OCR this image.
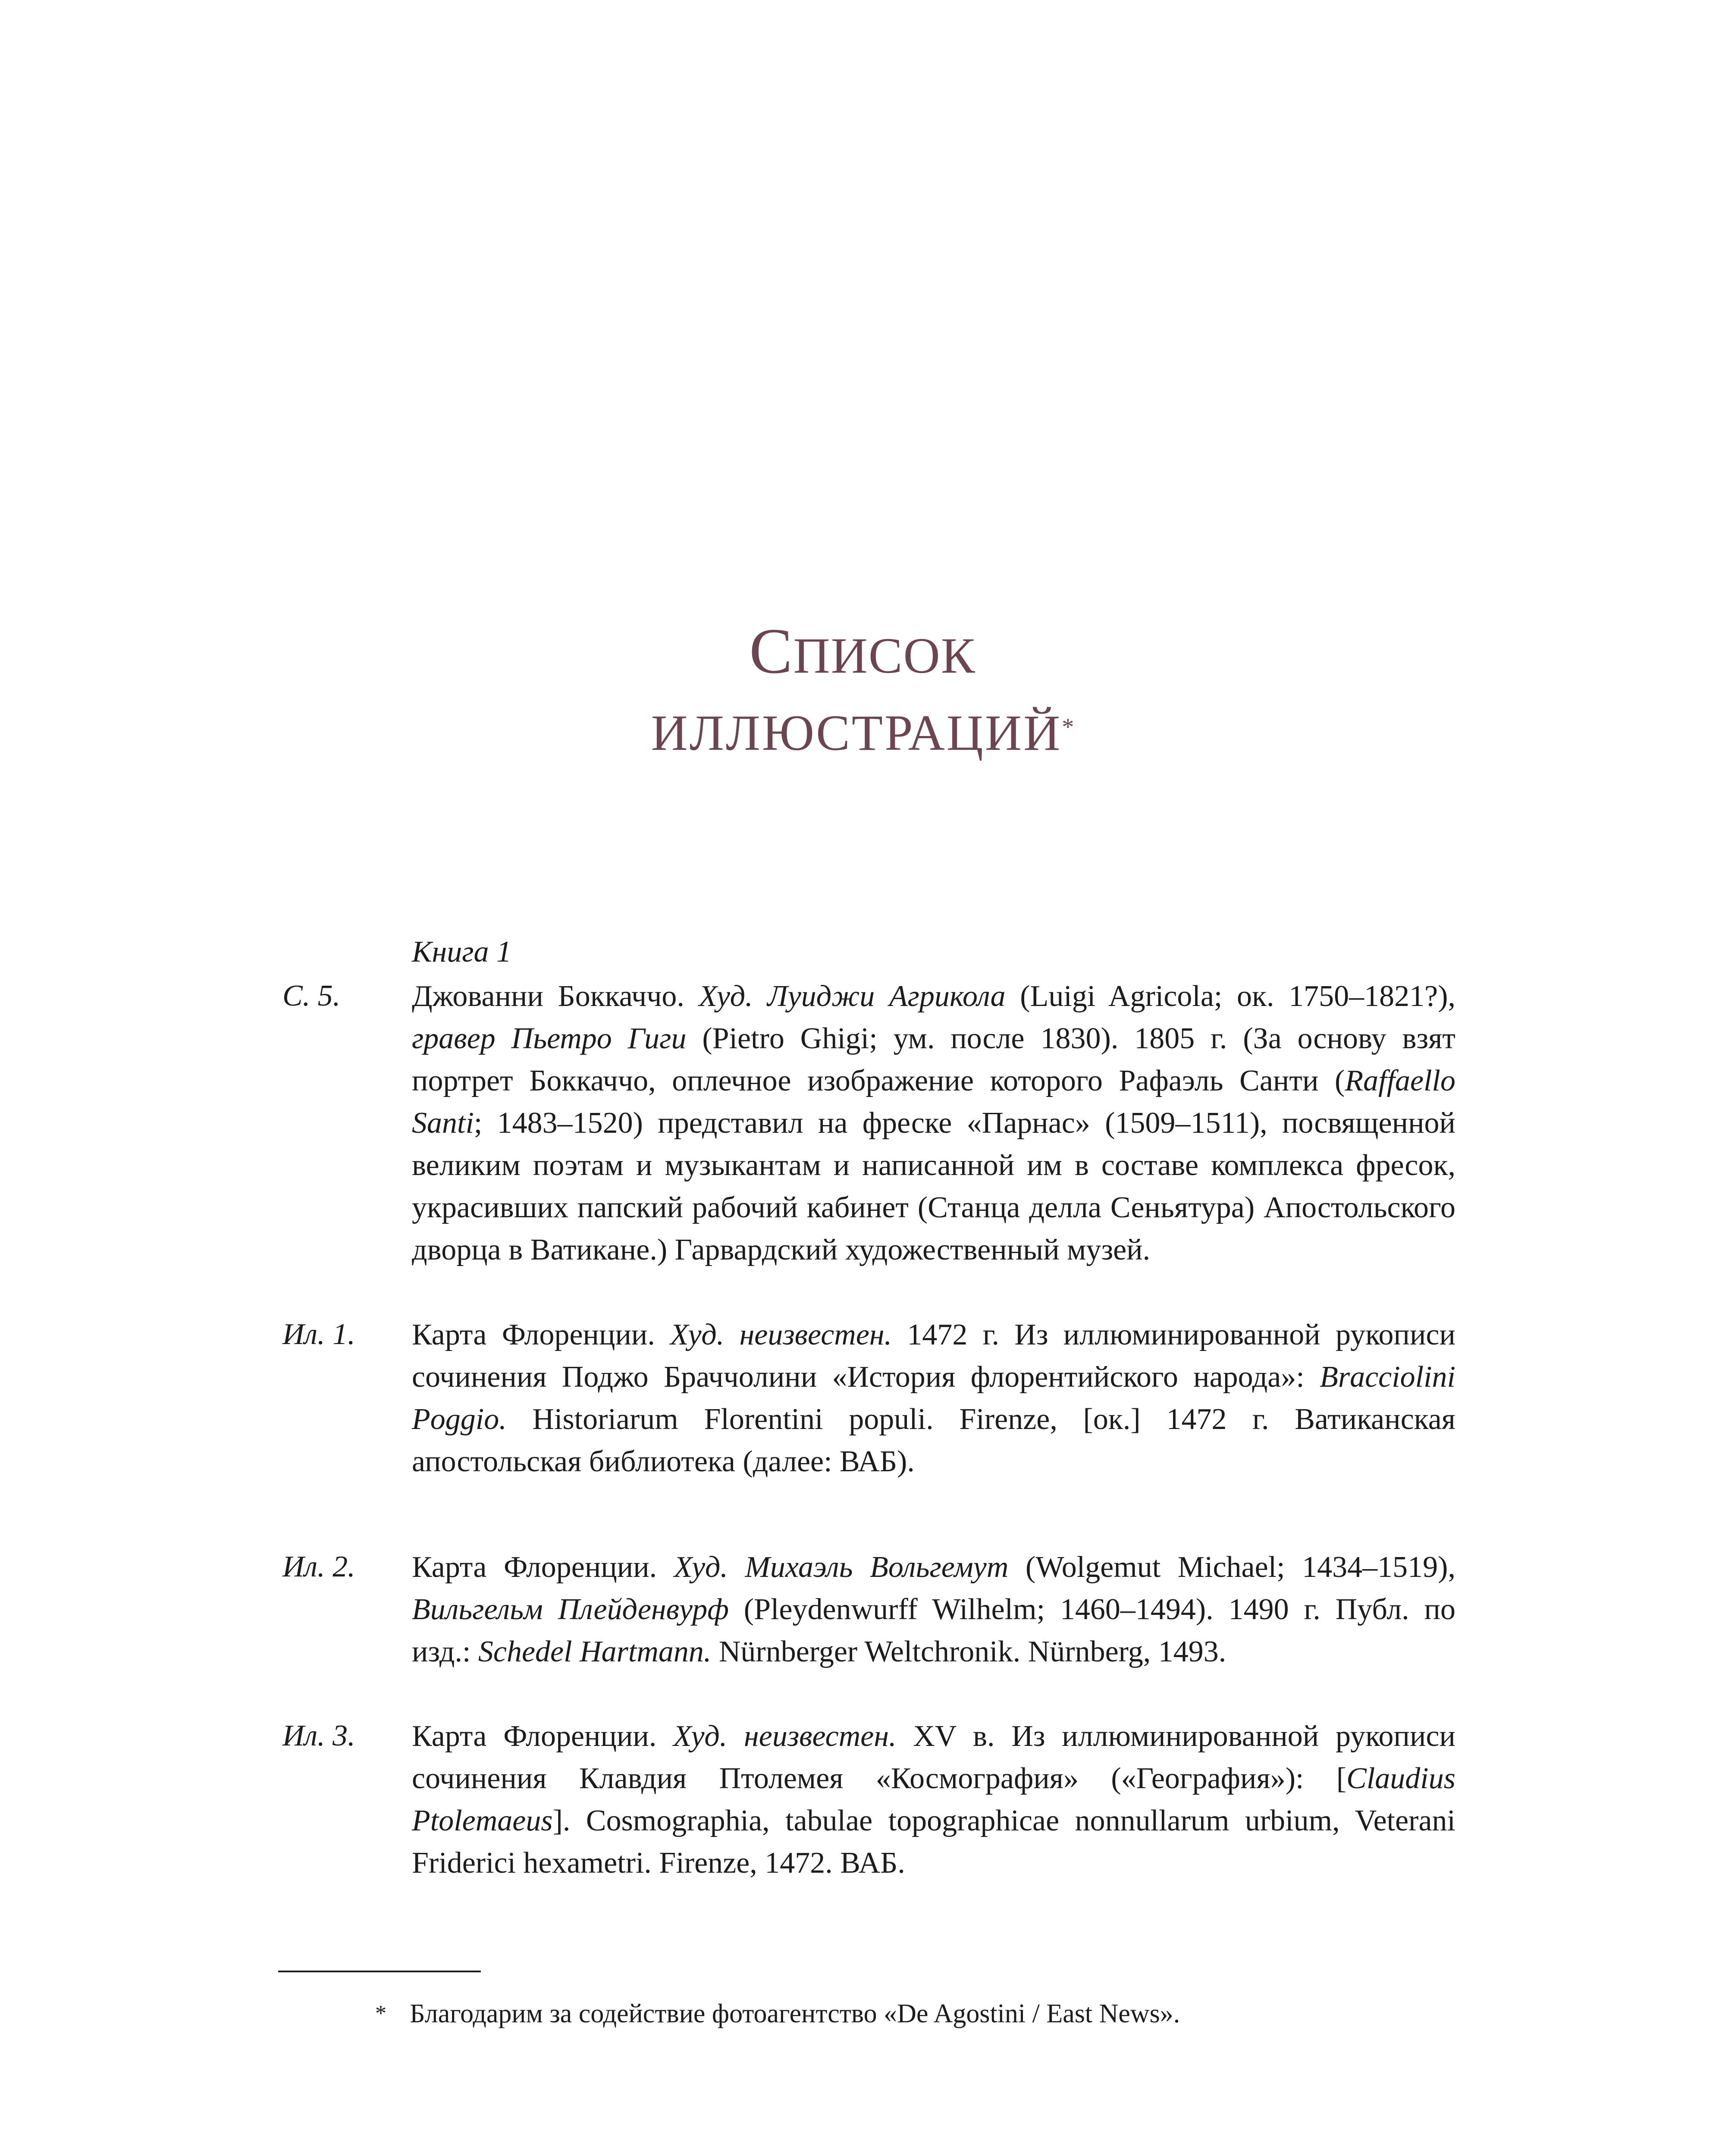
СПИСОК
ИЛЛЮСТРАЦИЙ*
Книга 1
С. 5. Джованни Боккаччо. Худ. Луиджи Агрикола (Luigi Agricola; ок. 1750–1821?), гравер Пьетро Гиги (Pietro Ghigi; ум. после 1830). 1805 г. (За основу взят портрет Боккаччо, оплечное изображение которого Рафаэль Санти (Raffaello Santi; 1483–1520) представил на фреске «Парнас» (1509–1511), посвященной великим поэтам и музыкантам и написанной им в составе комплекса фресок, украсивших папский рабочий кабинет (Станца делла Сеньятура) Апостольского дворца в Ватикане.) Гарвардский художественный музей.
Ил. 1. Карта Флоренции. Худ. неизвестен. 1472 г. Из иллюминированной рукописи сочинения Поджо Браччолини «История флорентийского народа»: Bracciolini Poggio. Historiarum Florentini populi. Firenze, [ок.] 1472 г. Ватиканская апостольская библиотека (далее: ВАБ).
Ил. 2. Карта Флоренции. Худ. Михаэль Вольгемут (Wolgemut Michael; 1434–1519), Вильгельм Плейденвурф (Pleydenwurff Wilhelm; 1460–1494). 1490 г. Публ. по изд.: Schedel Hartmann. Nürnberger Weltchronik. Nürnberg, 1493.
Ил. 3. Карта Флоренции. Худ. неизвестен. XV в. Из иллюминированной рукописи сочинения Клавдия Птолемея «Космография» («География»): [Claudius Ptolemaeus]. Cosmographia, tabulae topographicae nonnullarum urbium, Veterani Friderici hexametri. Firenze, 1472. ВАБ.
* Благодарим за содействие фотоагентство «De Agostini / East News».
